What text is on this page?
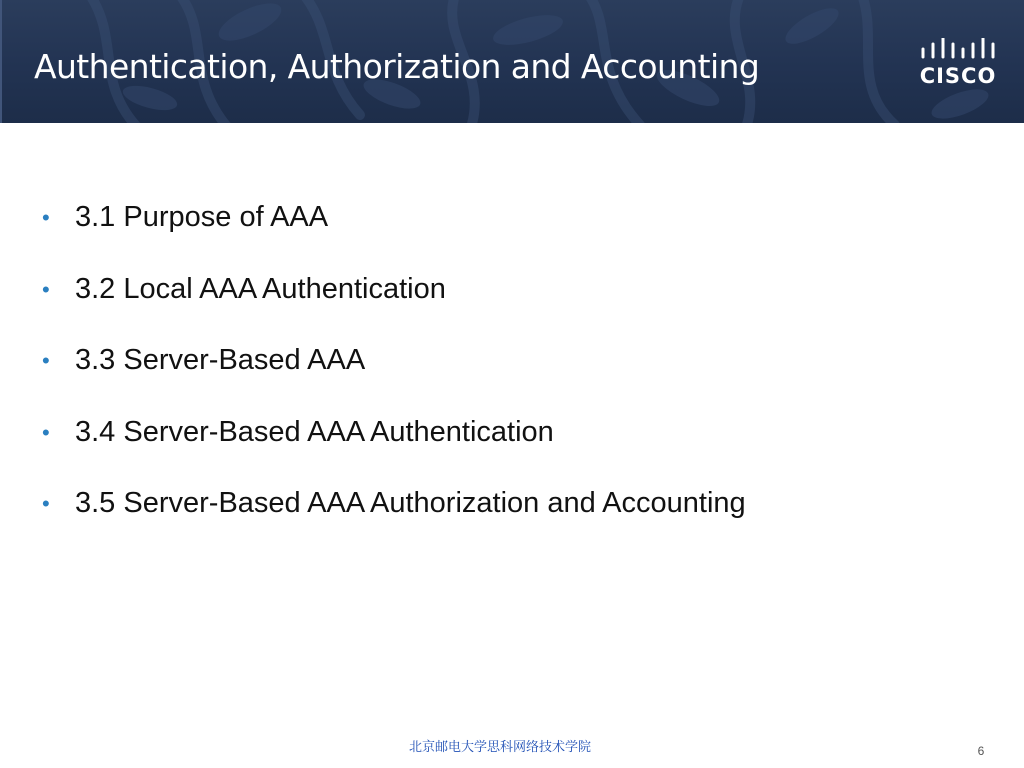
Authentication, Authorization and Accounting	CISCO
• 3.1 Purpose of AAA
• 3.2 Local AAA Authentication
• 3.3 Server-Based AAA
• 3.4 Server-Based AAA Authentication
• 3.5 Server-Based AAA Authorization and Accounting
北京邮电大学思科网络技术学院	6
